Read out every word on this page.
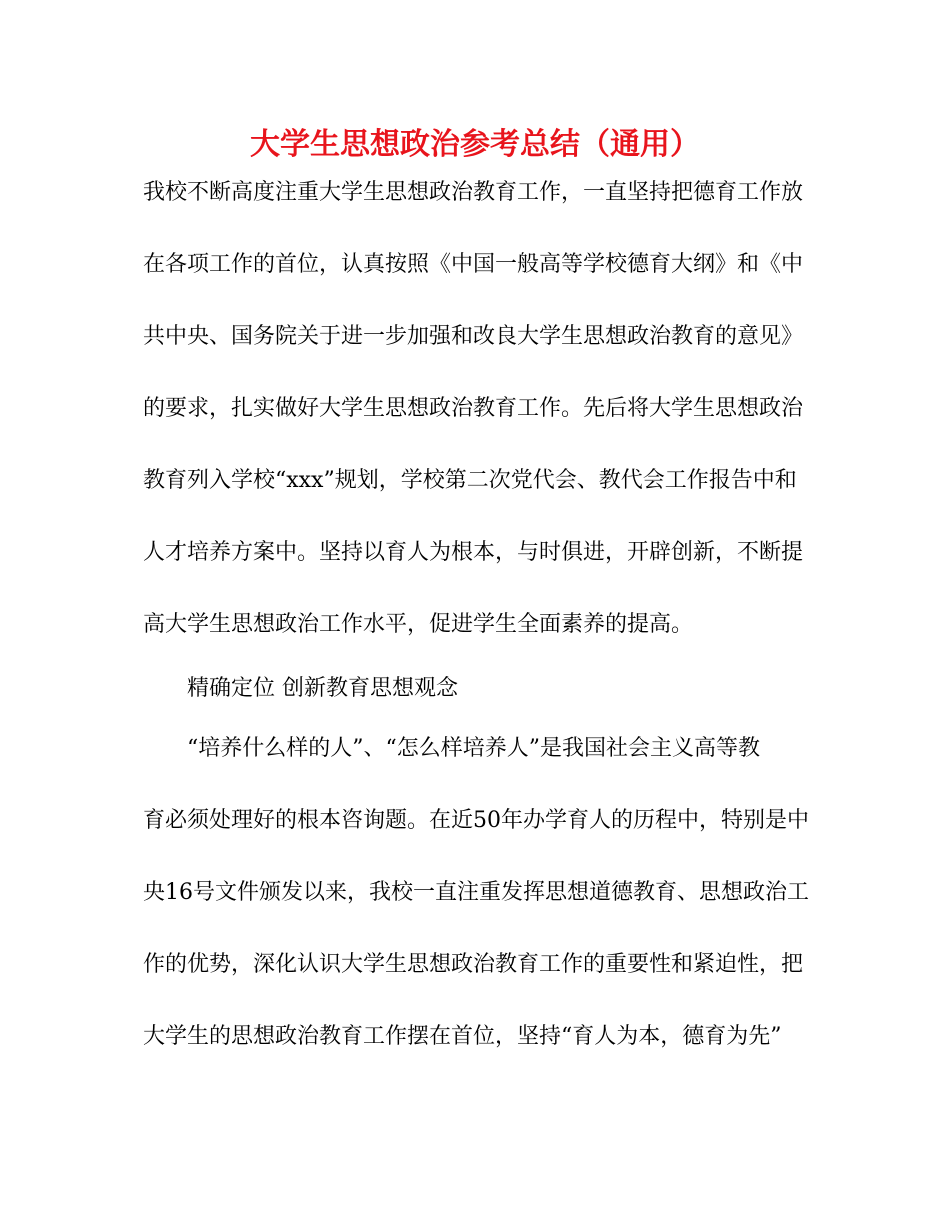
大学生思想政治参考总结（通用）
我校不断高度注重大学生思想政治教育工作，一直坚持把德育工作放
在各项工作的首位，认真按照《中国一般高等学校德育大纲》和《中
共中央、国务院关于进一步加强和改良大学生思想政治教育的意见》
的要求，扎实做好大学生思想政治教育工作。先后将大学生思想政治
教育列入学校“xxx”规划，学校第二次党代会、教代会工作报告中和
人才培养方案中。坚持以育人为根本，与时俱进，开辟创新，不断提
高大学生思想政治工作水平，促进学生全面素养的提高。
精确定位 创新教育思想观念
“培养什么样的人”、“怎么样培养人”是我国社会主义高等教
育必须处理好的根本咨询题。在近50年办学育人的历程中，特别是中
央16号文件颁发以来，我校一直注重发挥思想道德教育、思想政治工
作的优势，深化认识大学生思想政治教育工作的重要性和紧迫性，把
大学生的思想政治教育工作摆在首位，坚持“育人为本，德育为先”
